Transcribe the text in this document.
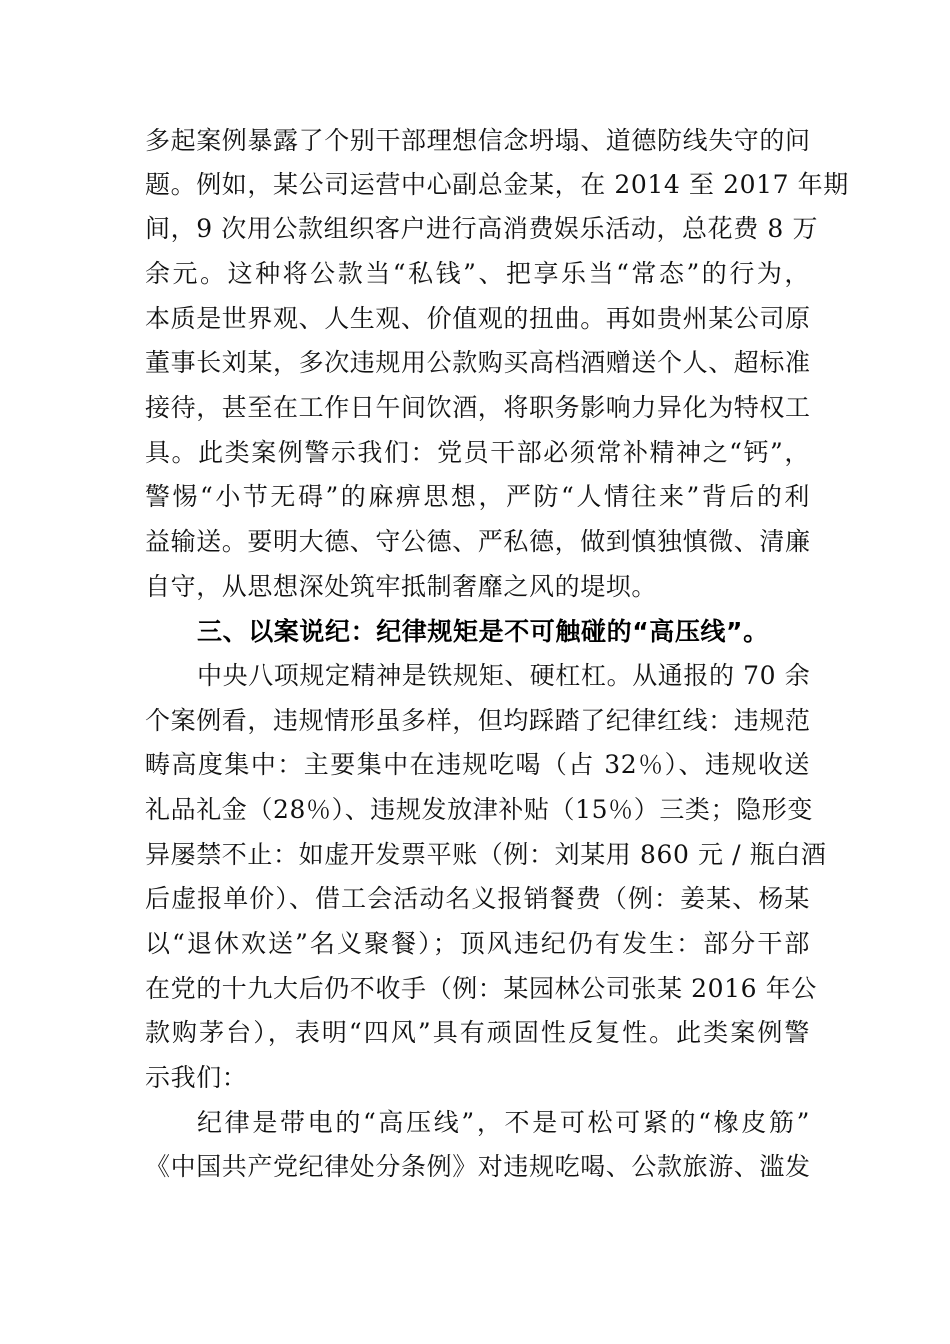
多起案例暴露了个别干部理想信念坍塌、道德防线失守的问
题。例如，某公司运营中心副总金某，在 2014 至 2017 年期
间，9 次用公款组织客户进行高消费娱乐活动，总花费 8 万
余元。这种将公款当“私钱”、把享乐当“常态”的行为，
本质是世界观、人生观、价值观的扭曲。再如贵州某公司原
董事长刘某，多次违规用公款购买高档酒赠送个人、超标准
接待，甚至在工作日午间饮酒，将职务影响力异化为特权工
具。此类案例警示我们：党员干部必须常补精神之“钙”，
警惕“小节无碍”的麻痹思想，严防“人情往来”背后的利
益输送。要明大德、守公德、严私德，做到慎独慎微、清廉
自守，从思想深处筑牢抵制奢靡之风的堤坝。
三、以案说纪：纪律规矩是不可触碰的“高压线”。
中央八项规定精神是铁规矩、硬杠杠。从通报的 70 余
个案例看，违规情形虽多样，但均踩踏了纪律红线：违规范
畴高度集中：主要集中在违规吃喝（占 32％）、违规收送
礼品礼金（28％）、违规发放津补贴（15％）三类；隐形变
异屡禁不止：如虚开发票平账（例：刘某用 860 元 / 瓶白酒
后虚报单价）、借工会活动名义报销餐费（例：姜某、杨某
以“退休欢送”名义聚餐）；顶风违纪仍有发生：部分干部
在党的十九大后仍不收手（例：某园林公司张某 2016 年公
款购茅台），表明“四风”具有顽固性反复性。此类案例警
示我们：
纪律是带电的“高压线”，不是可松可紧的“橡皮筋”
《中国共产党纪律处分条例》对违规吃喝、公款旅游、滥发
